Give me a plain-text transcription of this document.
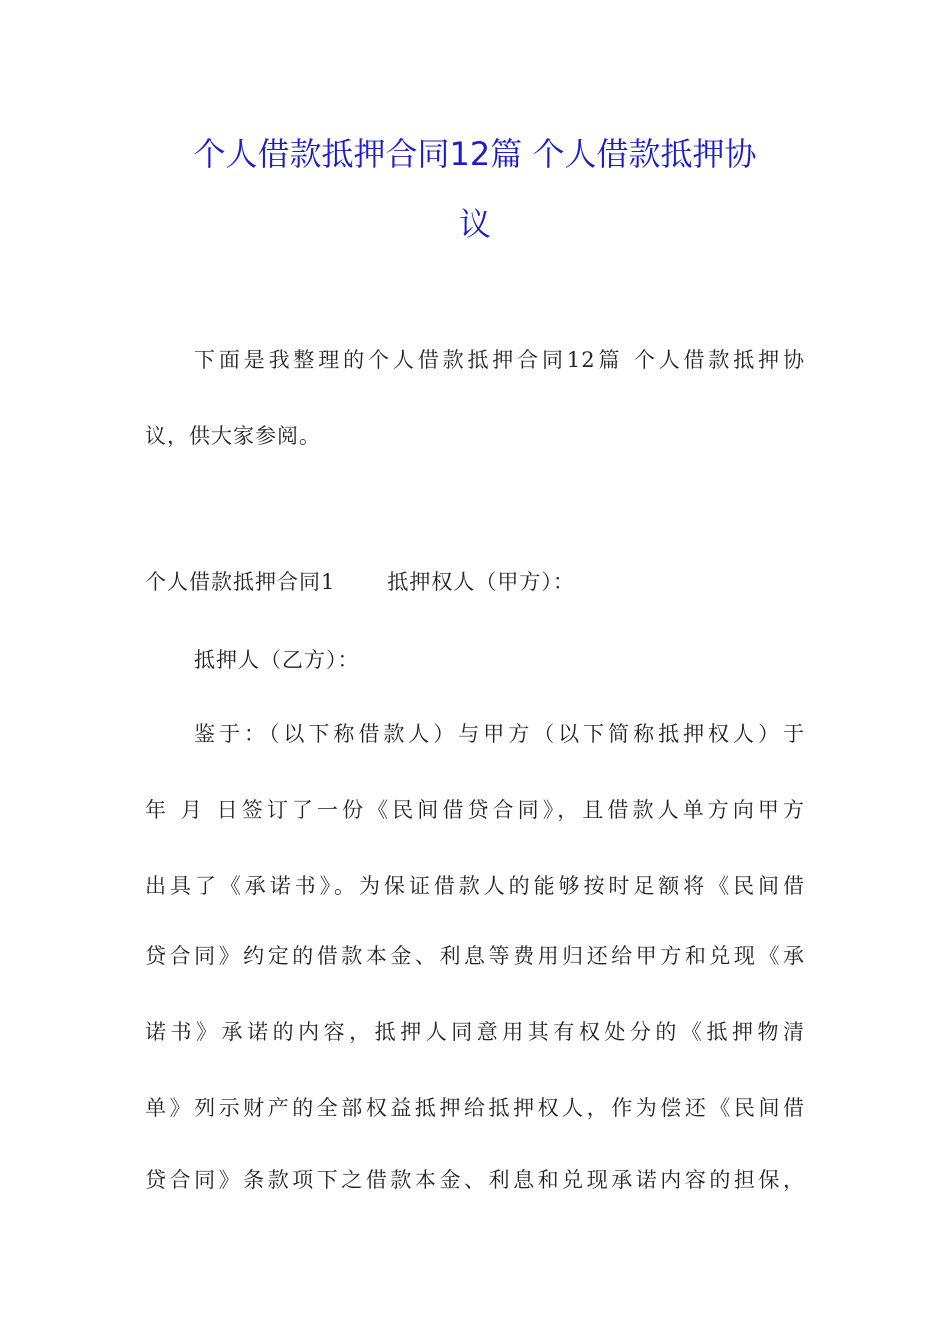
个人借款抵押合同12篇 个人借款抵押协
议
下面是我整理的个人借款抵押合同12篇 个人借款抵押协
议，供大家参阅。
个人借款抵押合同1 抵押权人（甲方）：
抵押人（乙方）：
鉴于：（以下称借款人）与甲方（以下简称抵押权人）于
年 月 日签订了一份《民间借贷合同》，且借款人单方向甲方
出具了《承诺书》。为保证借款人的能够按时足额将《民间借
贷合同》约定的借款本金、利息等费用归还给甲方和兑现《承
诺书》承诺的内容，抵押人同意用其有权处分的《抵押物清
单》列示财产的全部权益抵押给抵押权人，作为偿还《民间借
贷合同》条款项下之借款本金、利息和兑现承诺内容的担保，
